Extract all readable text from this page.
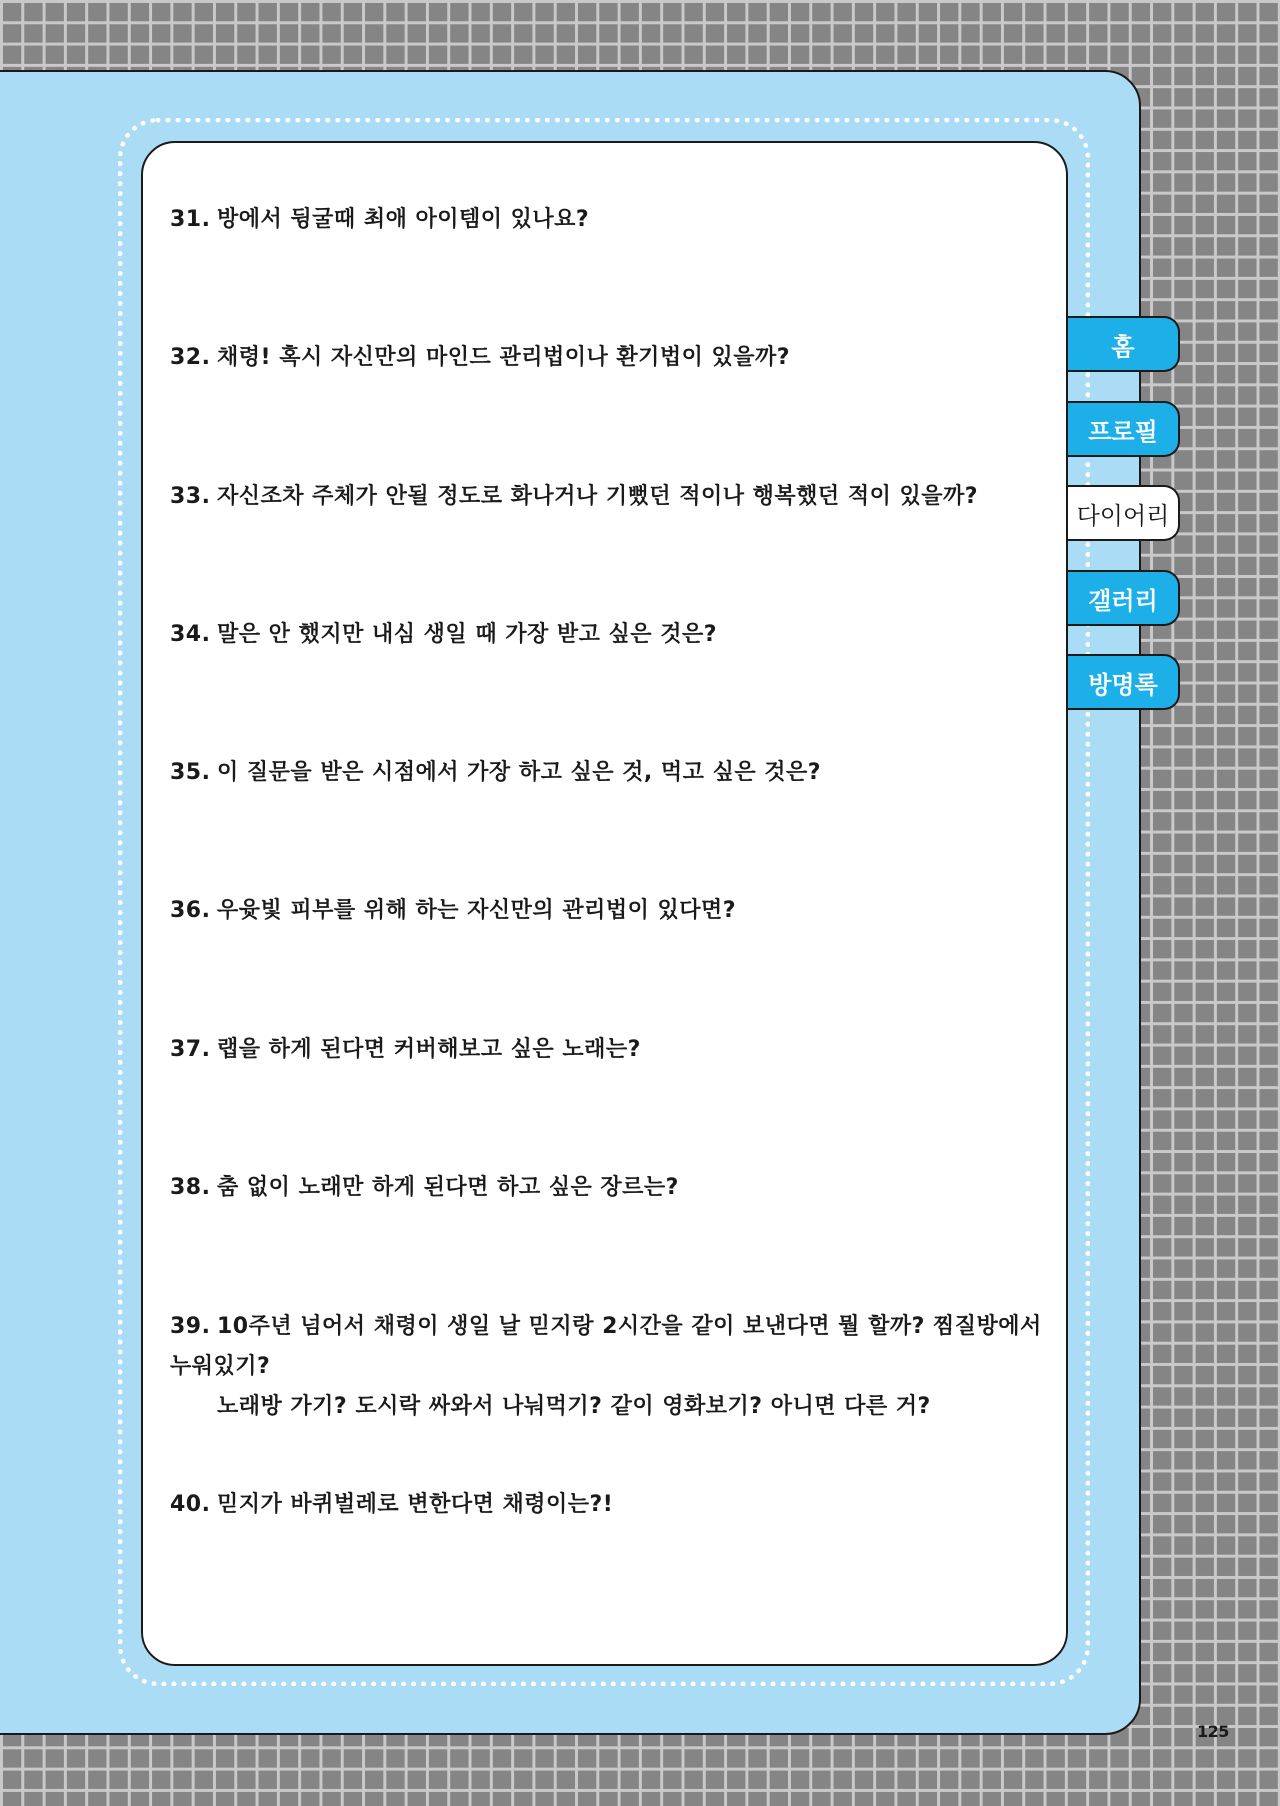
31. 방에서 뒹굴때 최애 아이템이 있나요?
32. 채령! 혹시 자신만의 마인드 관리법이나 환기법이 있을까?
33. 자신조차 주체가 안될 정도로 화나거나 기뻤던 적이나 행복했던 적이 있을까?
34. 말은 안 했지만 내심 생일 때 가장 받고 싶은 것은?
35. 이 질문을 받은 시점에서 가장 하고 싶은 것, 먹고 싶은 것은?
36. 우윳빛 피부를 위해 하는 자신만의 관리법이 있다면?
37. 랩을 하게 된다면 커버해보고 싶은 노래는?
38. 춤 없이 노래만 하게 된다면 하고 싶은 장르는?
39. 10주년 넘어서 채령이 생일 날 믿지랑 2시간을 같이 보낸다면 뭘 할까? 찜질방에서 누워있기?
노래방 가기? 도시락 싸와서 나눠먹기? 같이 영화보기? 아니면 다른 거?
40. 믿지가 바퀴벌레로 변한다면 채령이는?!
홈
프로필
다이어리
갤러리
방명록
125
